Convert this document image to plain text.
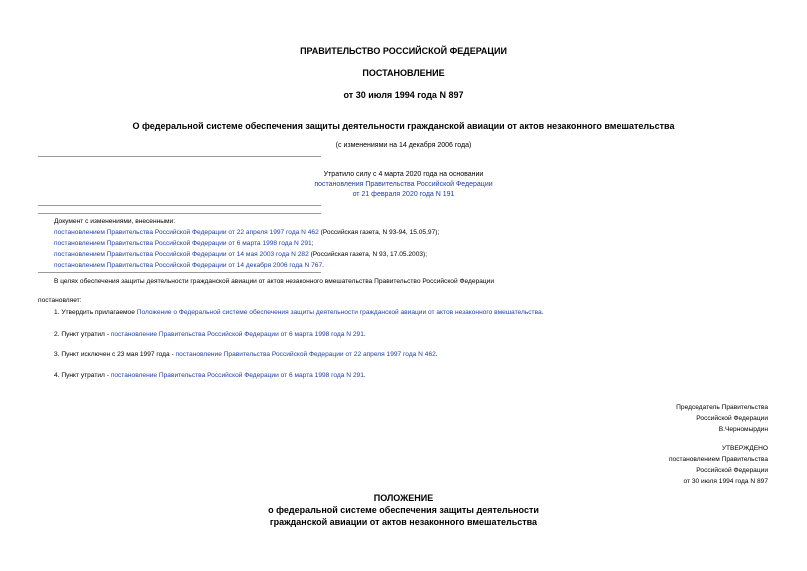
ПРАВИТЕЛЬСТВО РОССИЙСКОЙ ФЕДЕРАЦИИ
ПОСТАНОВЛЕНИЕ
от 30 июля 1994 года N 897
О федеральной системе обеспечения защиты деятельности гражданской авиации от актов незаконного вмешательства
(с изменениями на 14 декабря 2006 года)
Утратило силу с 4 марта 2020 года на основании
постановления Правительства Российской Федерации
от 21 февраля 2020 года N 191
Документ с изменениями, внесенными:
постановлением Правительства Российской Федерации от 22 апреля 1997 года N 462 (Российская газета, N 93-94, 15.05.97);
постановлением Правительства Российской Федерации от 6 марта 1998 года N 291;
постановлением Правительства Российской Федерации от 14 мая 2003 года N 282 (Российская газета, N 93, 17.05.2003);
постановлением Правительства Российской Федерации от 14 декабря 2006 года N 767.
В целях обеспечения защиты деятельности гражданской авиации от актов незаконного вмешательства Правительство Российской Федерации
постановляет:
1. Утвердить прилагаемое Положение о Федеральной системе обеспечения защиты деятельности гражданской авиации от актов незаконного вмешательства.
2. Пункт утратил - постановление Правительства Российской Федерации от 6 марта 1998 года N 291.
3. Пункт исключен с 23 мая 1997 года - постановление Правительства Российской Федерации от 22 апреля 1997 года N 462.
4. Пункт утратил - постановление Правительства Российской Федерации от 6 марта 1998 года N 291.
Председатель Правительства
Российской Федерации
В.Черномырдин
УТВЕРЖДЕНО
постановлением Правительства
Российской Федерации
от 30 июля 1994 года N 897
ПОЛОЖЕНИЕ
о федеральной системе обеспечения защиты деятельности
гражданской авиации от актов незаконного вмешательства
